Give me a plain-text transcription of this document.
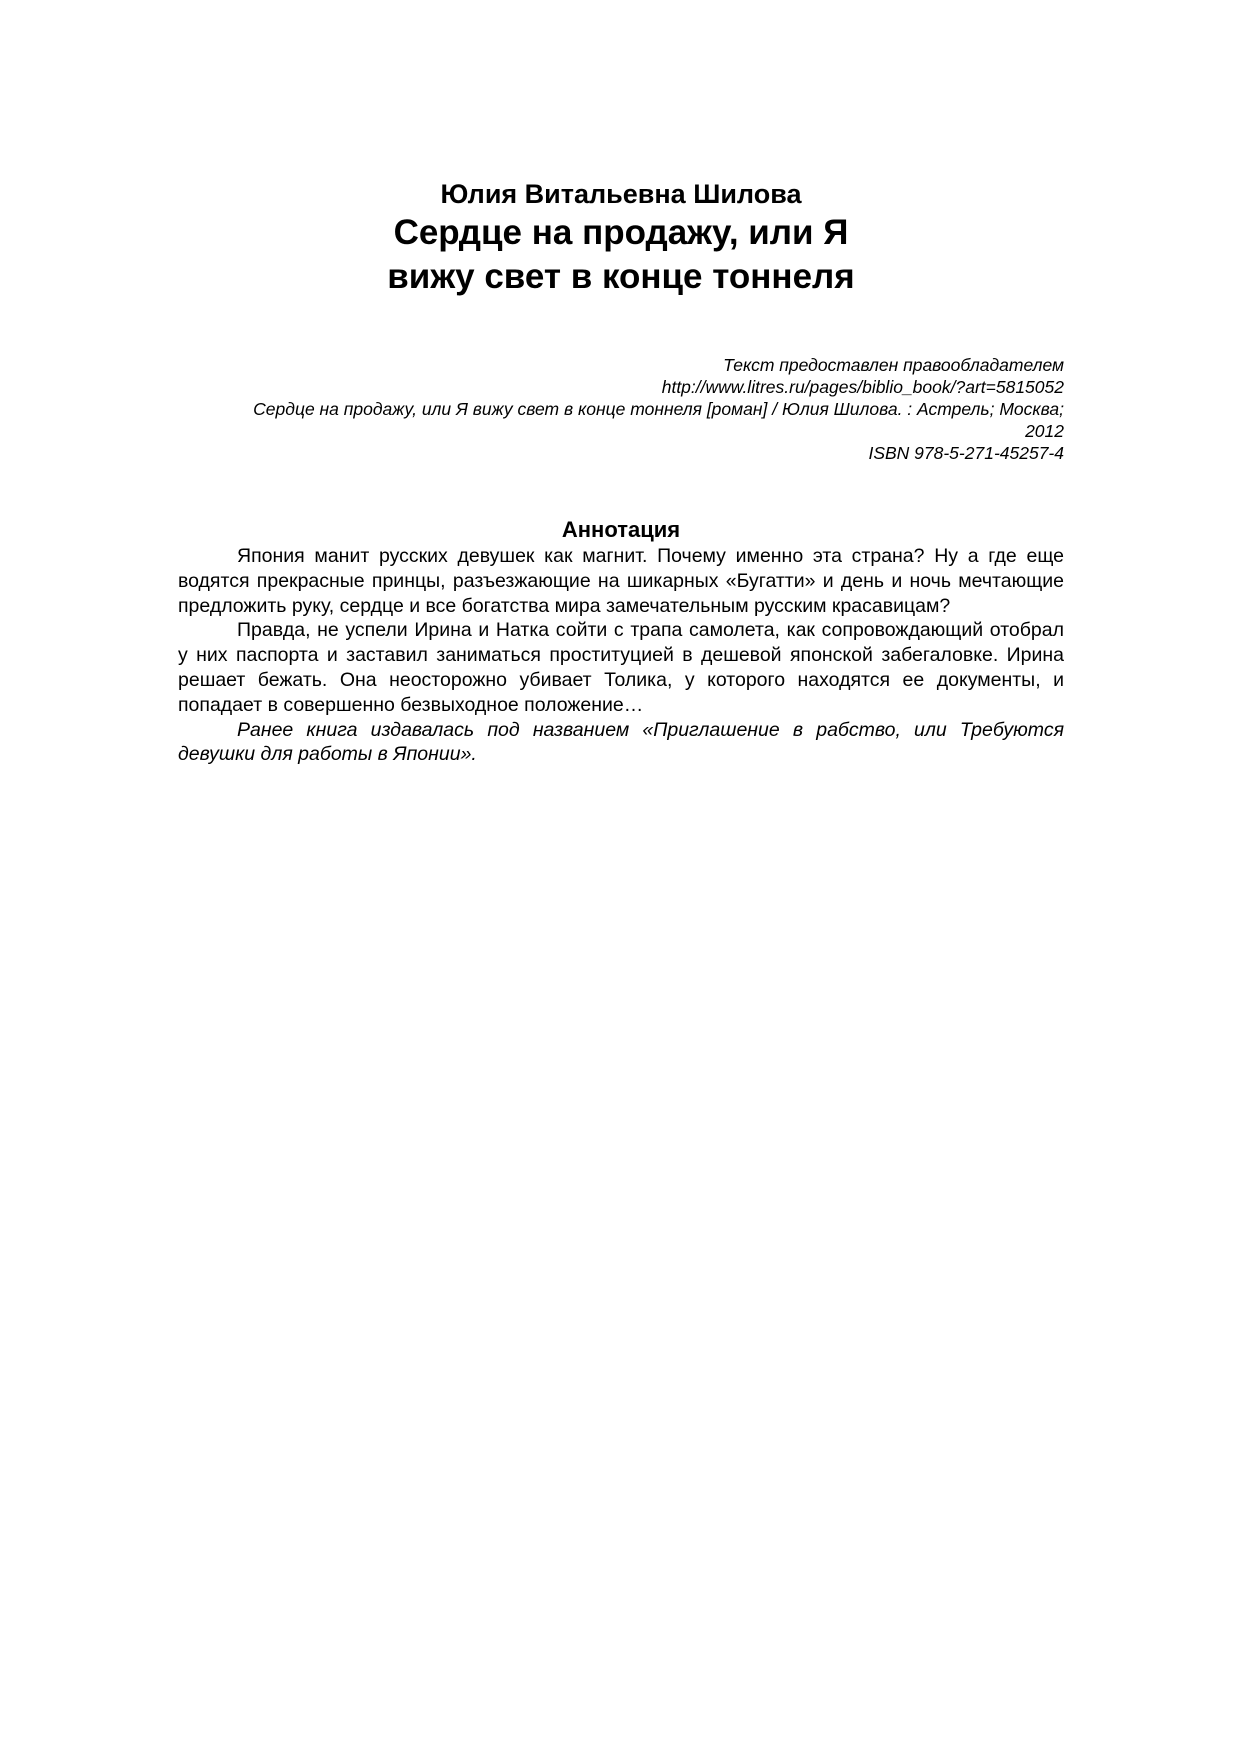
Юлия Витальевна Шилова
Сердце на продажу, или Я
вижу свет в конце тоннеля
Текст предоставлен правообладателем
http://www.litres.ru/pages/biblio_book/?art=5815052
Сердце на продажу, или Я вижу свет в конце тоннеля [роман] / Юлия Шилова. : Астрель; Москва;
2012
ISBN 978-5-271-45257-4
Аннотация

Япония манит русских девушек как магнит. Почему именно эта страна? Ну а где еще водятся прекрасные принцы, разъезжающие на шикарных «Бугатти» и день и ночь мечтающие предложить руку, сердце и все богатства мира замечательным русским красавицам?

Правда, не успели Ирина и Натка сойти с трапа самолета, как сопровождающий отобрал у них паспорта и заставил заниматься проституцией в дешевой японской забегаловке. Ирина решает бежать. Она неосторожно убивает Толика, у которого находятся ее документы, и попадает в совершенно безвыходное положение…

Ранее книга издавалась под названием «Приглашение в рабство, или Требуются девушки для работы в Японии».
